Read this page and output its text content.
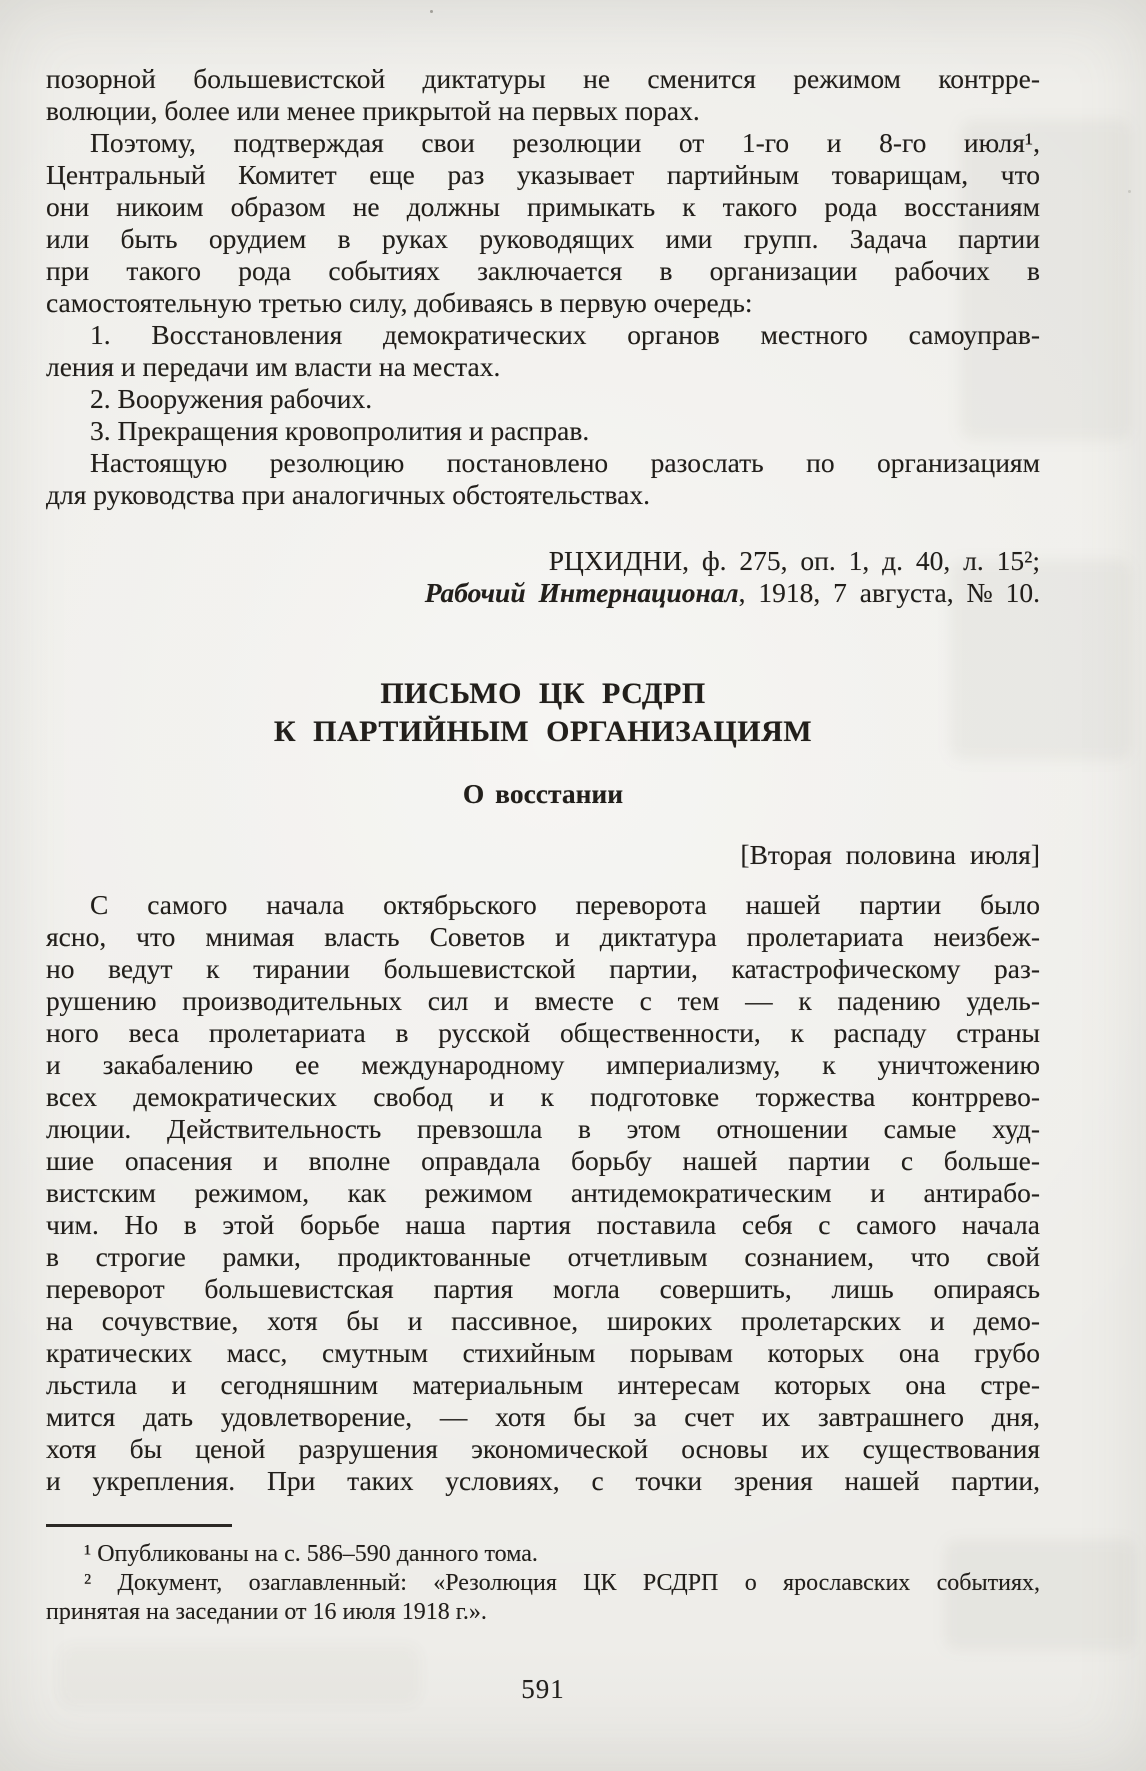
позорной большевистской диктатуры не сменится режимом контрре-
волюции, более или менее прикрытой на первых порах.
Поэтому, подтверждая свои резолюции от 1-го и 8-го июля¹,
Центральный Комитет еще раз указывает партийным товарищам, что
они никоим образом не должны примыкать к такого рода восстаниям
или быть орудием в руках руководящих ими групп. Задача партии
при такого рода событиях заключается в организации рабочих в
самостоятельную третью силу, добиваясь в первую очередь:
1. Восстановления демократических органов местного самоуправ-
ления и передачи им власти на местах.
2. Вооружения рабочих.
3. Прекращения кровопролития и расправ.
Настоящую резолюцию постановлено разослать по организациям
для руководства при аналогичных обстоятельствах.
РЦХИДНИ, ф. 275, оп. 1, д. 40, л. 15²;
Рабочий Интернационал, 1918, 7 августа, № 10.
ПИСЬМО ЦК РСДРП
К ПАРТИЙНЫМ ОРГАНИЗАЦИЯМ
О восстании
[Вторая половина июля]
С самого начала октябрьского переворота нашей партии было
ясно, что мнимая власть Советов и диктатура пролетариата неизбеж-
но ведут к тирании большевистской партии, катастрофическому раз-
рушению производительных сил и вместе с тем — к падению удель-
ного веса пролетариата в русской общественности, к распаду страны
и закабалению ее международному империализму, к уничтожению
всех демократических свобод и к подготовке торжества контррево-
люции. Действительность превзошла в этом отношении самые худ-
шие опасения и вполне оправдала борьбу нашей партии с больше-
вистским режимом, как режимом антидемократическим и антирабо-
чим. Но в этой борьбе наша партия поставила себя с самого начала
в строгие рамки, продиктованные отчетливым сознанием, что свой
переворот большевистская партия могла совершить, лишь опираясь
на сочувствие, хотя бы и пассивное, широких пролетарских и демо-
кратических масс, смутным стихийным порывам которых она грубо
льстила и сегодняшним материальным интересам которых она стре-
мится дать удовлетворение, — хотя бы за счет их завтрашнего дня,
хотя бы ценой разрушения экономической основы их существования
и укрепления. При таких условиях, с точки зрения нашей партии,
¹ Опубликованы на с. 586–590 данного тома.
² Документ, озаглавленный: «Резолюция ЦК РСДРП о ярославских событиях,
принятая на заседании от 16 июля 1918 г.».
591
